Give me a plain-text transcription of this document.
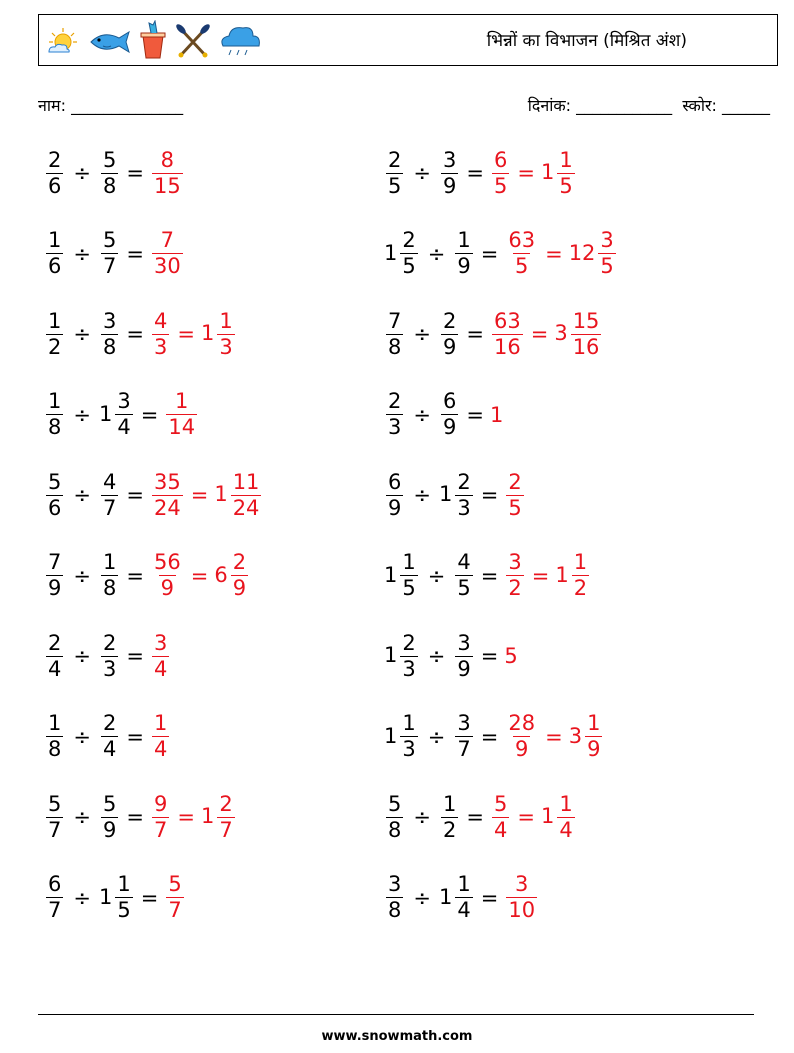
भिन्नों का विभाजन (मिश्रित अंश)
नाम: ______________	दिनांक: ____________  स्कोर: ______
$\frac{2}{6} \div \frac{5}{8} = \frac{8}{15}$	$\frac{2}{5} \div \frac{3}{9} = \frac{6}{5} = 1 \frac{1}{5}$
$\frac{1}{6} \div \frac{5}{7} = \frac{7}{30}$	$1 \frac{2}{5} \div \frac{1}{9} = \frac{63}{5} = 12 \frac{3}{5}$
$\frac{1}{2} \div \frac{3}{8} = \frac{4}{3} = 1 \frac{1}{3}$	$\frac{7}{8} \div \frac{2}{9} = \frac{63}{16} = 3 \frac{15}{16}$
$\frac{1}{8} \div 1 \frac{3}{4} = \frac{1}{14}$	$\frac{2}{3} \div \frac{6}{9} = 1$
$\frac{5}{6} \div \frac{4}{7} = \frac{35}{24} = 1 \frac{11}{24}$	$\frac{6}{9} \div 1 \frac{2}{3} = \frac{2}{5}$
$\frac{7}{9} \div \frac{1}{8} = \frac{56}{9} = 6 \frac{2}{9}$	$1 \frac{1}{5} \div \frac{4}{5} = \frac{3}{2} = 1 \frac{1}{2}$
$\frac{2}{4} \div \frac{2}{3} = \frac{3}{4}$	$1 \frac{2}{3} \div \frac{3}{9} = 5$
$\frac{1}{8} \div \frac{2}{4} = \frac{1}{4}$	$1 \frac{1}{3} \div \frac{3}{7} = \frac{28}{9} = 3 \frac{1}{9}$
$\frac{5}{7} \div \frac{5}{9} = \frac{9}{7} = 1 \frac{2}{7}$	$\frac{5}{8} \div \frac{1}{2} = \frac{5}{4} = 1 \frac{1}{4}$
$\frac{6}{7} \div 1 \frac{1}{5} = \frac{5}{7}$	$\frac{3}{8} \div 1 \frac{1}{4} = \frac{3}{10}$
www.snowmath.com
